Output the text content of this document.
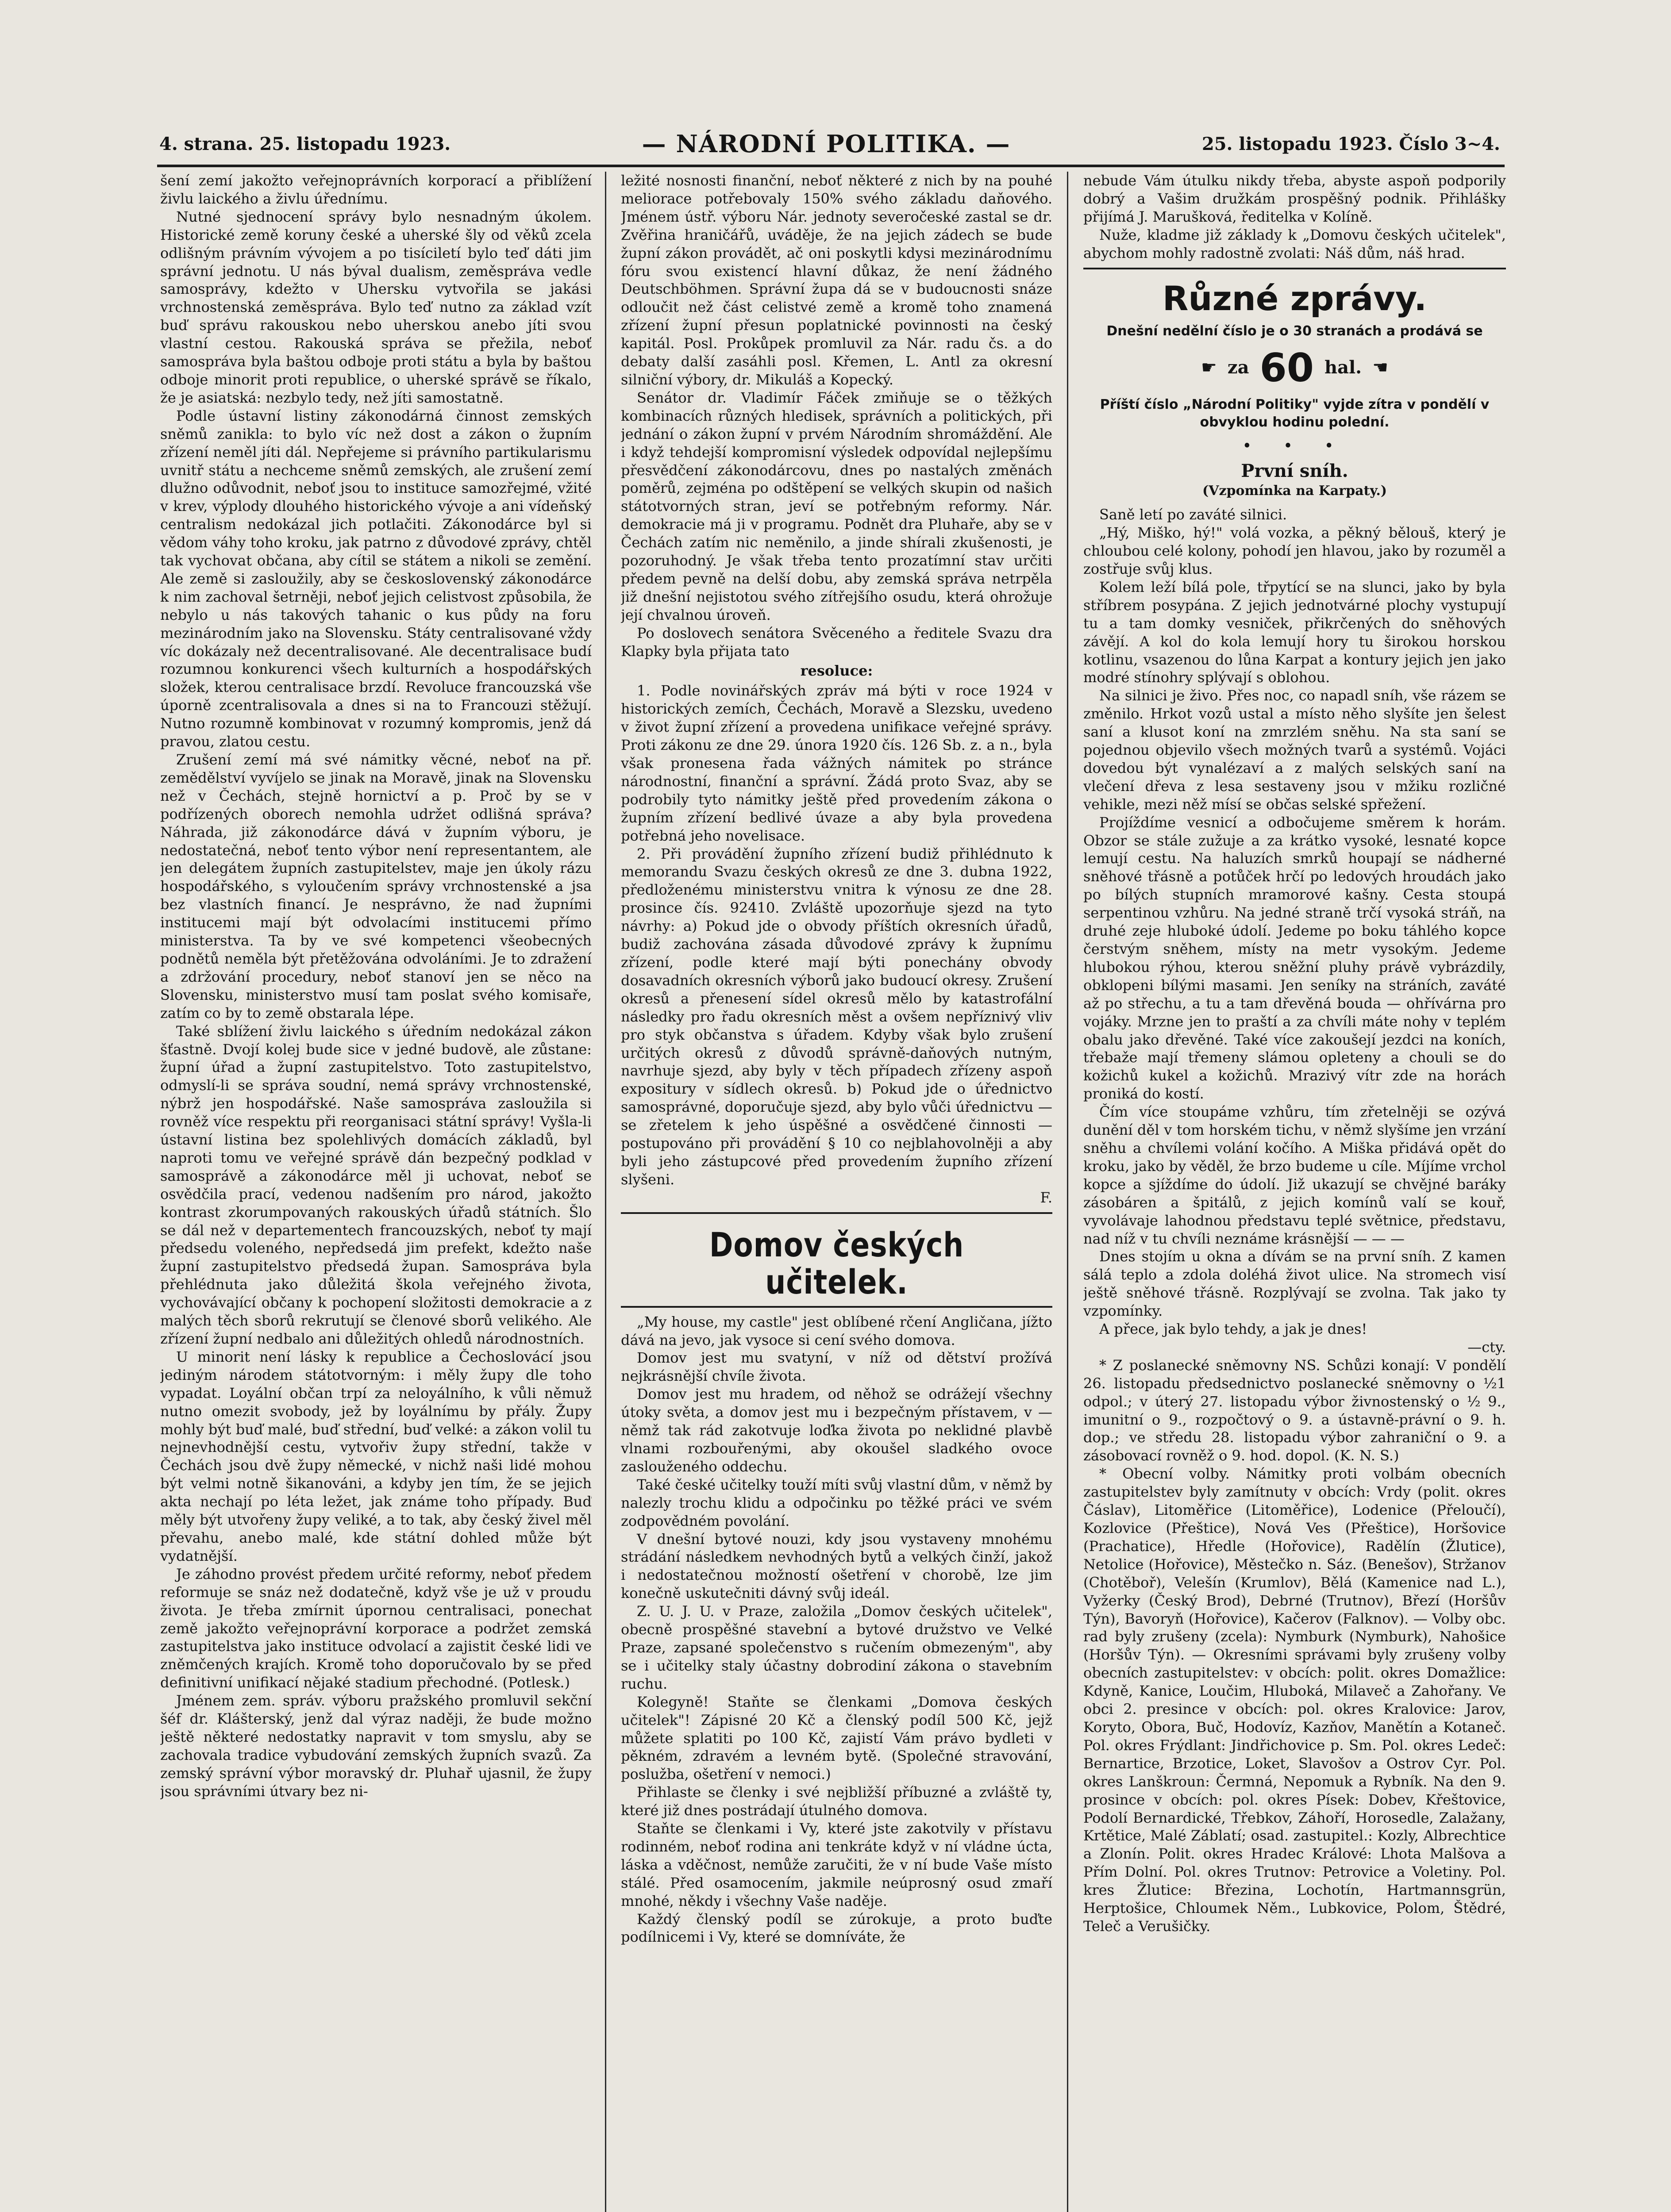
4. strana. 25. listopadu 1923.	— NÁRODNÍ POLITIKA. —	25. listopadu 1923. Číslo 3~4.

šení zemí jakožto veřejnoprávních korporací a přiblížení živlu laického a živlu úřednímu.

Nutné sjednocení správy bylo nesnadným úkolem. Historické země koruny české a uherské šly od věků zcela odlišným právním vývojem a po tisíciletí bylo teď dáti jim správní jednotu. U nás býval dualism, zeměspráva vedle samosprávy, kdežto v Uhersku vytvořila se jakási vrchnostenská zeměspráva. Bylo teď nutno za základ vzít buď správu rakouskou nebo uherskou anebo jíti svou vlastní cestou. Rakouská správa se přežila, neboť samospráva byla baštou odboje proti státu a byla by baštou odboje minorit proti republice, o uherské správě se říkalo, že je asiatská: nezbylo tedy, než jíti samostatně.

Podle ústavní listiny zákonodárná činnost zemských sněmů zanikla: to bylo víc než dost a zákon o župním zřízení neměl jíti dál. Nepřejeme si právního partikularismu uvnitř státu a nechceme sněmů zemských, ale zrušení zemí dlužno odůvodnit, neboť jsou to instituce samozřejmé, vžité v krev, výplody dlouhého historického vývoje a ani vídeňský centralism nedokázal jich potlačiti. Zákonodárce byl si vědom váhy toho kroku, jak patrno z důvodové zprávy, chtěl tak vychovat občana, aby cítil se státem a nikoli se zemění. Ale země si zasloužily, aby se československý zákonodárce k nim zachoval šetrněji, neboť jejich celistvost způsobila, že nebylo u nás takových tahanic o kus půdy na foru mezinárodním jako na Slovensku. Státy centralisované vždy víc dokázaly než decentralisované. Ale decentralisace budí rozumnou konkurenci všech kulturních a hospodářských složek, kterou centralisace brzdí. Revoluce francouzská vše úporně zcentralisovala a dnes si na to Francouzi stěžují. Nutno rozumně kombinovat v rozumný kompromis, jenž dá pravou, zlatou cestu.

Zrušení zemí má své námitky věcné, neboť na př. zemědělství vyvíjelo se jinak na Moravě, jinak na Slovensku než v Čechách, stejně hornictví a p. Proč by se v podřízených oborech nemohla udržet odlišná správa? Náhrada, již zákonodárce dává v župním výboru, je nedostatečná, neboť tento výbor není representantem, ale jen delegátem župních zastupitelstev, maje jen úkoly rázu hospodářského, s vyloučením správy vrchnostenské a jsa bez vlastních financí. Je nesprávno, že nad župními institucemi mají být odvolacími institucemi přímo ministerstva. Ta by ve své kompetenci všeobecných podnětů neměla být přetěžována odvoláními. Je to zdražení a zdržování procedury, neboť stanoví jen se něco na Slovensku, ministerstvo musí tam poslat svého komisaře, zatím co by to země obstarala lépe.

Také sblížení živlu laického s úředním nedokázal zákon šťastně. Dvojí kolej bude sice v jedné budově, ale zůstane: župní úřad a župní zastupitelstvo. Toto zastupitelstvo, odmyslí-li se správa soudní, nemá správy vrchnostenské, nýbrž jen hospodářské. Naše samospráva zasloužila si rovněž více respektu při reorganisaci státní správy! Vyšla-li ústavní listina bez spolehlivých domácích základů, byl naproti tomu ve veřejné správě dán bezpečný podklad v samosprávě a zákonodárce měl ji uchovat, neboť se osvědčila prací, vedenou nadšením pro národ, jakožto kontrast zkorumpovaných rakouských úřadů státních. Šlo se dál než v departementech francouzských, neboť ty mají předsedu voleného, nepředsedá jim prefekt, kdežto naše župní zastupitelstvo předsedá župan. Samospráva byla přehlédnuta jako důležitá škola veřejného života, vychovávající občany k pochopení složitosti demokracie a z malých těch sborů rekrutují se členové sborů velikého. Ale zřízení župní nedbalo ani důležitých ohledů národnostních.

U minorit není lásky k republice a Čechoslovácí jsou jediným národem státotvorným: i měly župy dle toho vypadat. Loyální občan trpí za neloyálního, k vůli němuž nutno omezit svobody, jež by loyálnímu by přály. Župy mohly být buď malé, buď střední, buď velké: a zákon volil tu nejnevhodnější cestu, vytvořiv župy střední, takže v Čechách jsou dvě župy německé, v nichž naši lidé mohou být velmi notně šikanováni, a kdyby jen tím, že se jejich akta nechají po léta ležet, jak známe toho případy. Buď měly být utvořeny župy veliké, a to tak, aby český živel měl převahu, anebo malé, kde státní dohled může být vydatnější.

Je záhodno provést předem určité reformy, neboť předem reformuje se snáz než dodatečně, když vše je už v proudu života. Je třeba zmírnit úpornou centralisaci, ponechat země jakožto veřejnoprávní korporace a podržet zemská zastupitelstva jako instituce odvolací a zajistit české lidi ve zněmčených krajích. Kromě toho doporučovalo by se před definitivní unifikací nějaké stadium přechodné. (Potlesk.)

Jménem zem. správ. výboru pražského promluvil sekční šéf dr. Klášterský, jenž dal výraz naději, že bude možno ještě některé nedostatky napravit v tom smyslu, aby se zachovala tradice vybudování zemských župních svazů. Za zemský správní výbor moravský dr. Pluhař ujasnil, že župy jsou správními útvary bez ni-

ležité nosnosti finanční, neboť některé z nich by na pouhé meliorace potřebovaly 150% svého základu daňového. Jménem ústř. výboru Nár. jednoty severočeské zastal se dr. Zvěřina hraničářů, uváděje, že na jejich zádech se bude župní zákon provádět, ač oni poskytli kdysi mezinárodnímu fóru svou existencí hlavní důkaz, že není žádného Deutschböhmen. Správní župa dá se v budoucnosti snáze odloučit než část celistvé země a kromě toho znamená zřízení župní přesun poplatnické povinnosti na český kapitál. Posl. Prokůpek promluvil za Nár. radu čs. a do debaty další zasáhli posl. Křemen, L. Antl za okresní silniční výbory, dr. Mikuláš a Kopecký.

Senátor dr. Vladimír Fáček zmiňuje se o těžkých kombinacích různých hledisek, správních a politických, při jednání o zákon župní v prvém Národním shromáždění. Ale i když tehdejší kompromisní výsledek odpovídal nejlepšímu přesvědčení zákonodárcovu, dnes po nastalých změnách poměrů, zejména po odštěpení se velkých skupin od našich státotvorných stran, jeví se potřebným reformy. Nár. demokracie má ji v programu. Podnět dra Pluhaře, aby se v Čechách zatím nic neměnilo, a jinde shírali zkušenosti, je pozoruhodný. Je však třeba tento prozatímní stav určiti předem pevně na delší dobu, aby zemská správa netrpěla již dnešní nejistotou svého zítřejšího osudu, která ohrožuje její chvalnou úroveň.

Po doslovech senátora Svěceného a ředitele Svazu dra Klapky byla přijata tato

resoluce:

1. Podle novinářských zpráv má býti v roce 1924 v historických zemích, Čechách, Moravě a Slezsku, uvedeno v život župní zřízení a provedena unifikace veřejné správy. Proti zákonu ze dne 29. února 1920 čís. 126 Sb. z. a n., byla však pronesena řada vážných námitek po stránce národnostní, finanční a správní. Žádá proto Svaz, aby se podrobily tyto námitky ještě před provedením zákona o župním zřízení bedlivé úvaze a aby byla provedena potřebná jeho novelisace.

2. Při provádění župního zřízení budiž přihlédnuto k memorandu Svazu českých okresů ze dne 3. dubna 1922, předloženému ministerstvu vnitra k výnosu ze dne 28. prosince čís. 92410. Zvláště upozorňuje sjezd na tyto návrhy: a) Pokud jde o obvody příštích okresních úřadů, budiž zachována zásada důvodové zprávy k župnímu zřízení, podle které mají býti ponechány obvody dosavadních okresních výborů jako budoucí okresy. Zrušení okresů a přenesení sídel okresů mělo by katastrofální následky pro řadu okresních měst a ovšem nepříznivý vliv pro styk občanstva s úřadem. Kdyby však bylo zrušení určitých okresů z důvodů správně-daňových nutným, navrhuje sjezd, aby byly v těch případech zřízeny aspoň expositury v sídlech okresů. b) Pokud jde o úřednictvo samosprávné, doporučuje sjezd, aby bylo vůči úřednictvu — se zřetelem k jeho úspěšné a osvědčené činnosti — postupováno při provádění § 10 co nejblahovolněji a aby byli jeho zástupcové před provedením župního zřízení slyšeni.

F.

Domov českých učitelek.

„My house, my castle" jest oblíbené rčení Angličana, jížto dává na jevo, jak vysoce si cení svého domova.

Domov jest mu svatyní, v níž od dětství prožívá nejkrásnější chvíle života.

Domov jest mu hradem, od něhož se odrážejí všechny útoky světa, a domov jest mu i bezpečným přístavem, v — němž tak rád zakotvuje loďka života po neklidné plavbě vlnami rozbouřenými, aby okoušel sladkého ovoce zaslouženého oddechu.

Také české učitelky touží míti svůj vlastní dům, v němž by nalezly trochu klidu a odpočinku po těžké práci ve svém zodpovědném povolání.

V dnešní bytové nouzi, kdy jsou vystaveny mnohému strádání následkem nevhodných bytů a velkých činží, jakož i nedostatečnou možností ošetření v chorobě, lze jim konečně uskutečniti dávný svůj ideál.

Z. U. J. U. v Praze, založila „Domov českých učitelek", obecně prospěšné stavební a bytové družstvo ve Velké Praze, zapsané společenstvo s ručením obmezeným", aby se i učitelky staly účastny dobrodiní zákona o stavebním ruchu.

Kolegyně! Staňte se členkami „Domova českých učitelek"! Zápisné 20 Kč a členský podíl 500 Kč, jejž můžete splatiti po 100 Kč, zajistí Vám právo bydleti v pěkném, zdravém a levném bytě. (Společné stravování, poslužba, ošetření v nemoci.)

Přihlaste se členky i své nejbližší příbuzné a zvláště ty, které již dnes postrádají útulného domova.

Staňte se členkami i Vy, které jste zakotvily v přístavu rodinném, neboť rodina ani tenkráte když v ní vládne úcta, láska a vděčnost, nemůže zaručiti, že v ní bude Vaše místo stálé. Před osamocením, jakmile neúprosný osud zmaří mnohé, někdy i všechny Vaše naděje.

Každý členský podíl se zúrokuje, a proto buďte podílnicemi i Vy, které se domníváte, že

nebude Vám útulku nikdy třeba, abyste aspoň podporily dobrý a Vašim družkám prospěšný podnik. Přihlášky přijímá J. Marušková, ředitelka v Kolíně.

Nuže, kladme již základy k „Domovu českých učitelek", abychom mohly radostně zvolati: Náš dům, náš hrad.

Různé zprávy.
Dnešní nedělní číslo je o 30 stranách a prodává se
☛ za 60 hal. ☚
Příští číslo „Národní Politiky" vyjde zítra v pondělí v obvyklou hodinu polední.
• • •
První sníh.
(Vzpomínka na Karpaty.)

Saně letí po zaváté silnici.

„Hý, Miško, hý!" volá vozka, a pěkný bělouš, který je chloubou celé kolony, pohodí jen hlavou, jako by rozuměl a zostřuje svůj klus.

Kolem leží bílá pole, třpytící se na slunci, jako by byla stříbrem posypána. Z jejich jednotvárné plochy vystupují tu a tam domky vesniček, přikrčených do sněhových závějí. A kol do kola lemují hory tu širokou horskou kotlinu, vsazenou do lůna Karpat a kontury jejich jen jako modré stínohry splývají s oblohou.

Na silnici je živo. Přes noc, co napadl sníh, vše rázem se změnilo. Hrkot vozů ustal a místo něho slyšíte jen šelest saní a klusot koní na zmrzlém sněhu. Na sta saní se pojednou objevilo všech možných tvarů a systémů. Vojáci dovedou být vynalézaví a z malých selských saní na vlečení dřeva z lesa sestaveny jsou v mžiku rozličné vehikle, mezi něž mísí se občas selské spřežení.

Projíždíme vesnicí a odbočujeme směrem k horám. Obzor se stále zužuje a za krátko vysoké, lesnaté kopce lemují cestu. Na haluzích smrků houpají se nádherné sněhové třásně a potůček hrčí po ledových hroudách jako po bílých stupních mramorové kašny. Cesta stoupá serpentinou vzhůru. Na jedné straně trčí vysoká stráň, na druhé zeje hluboké údolí. Jedeme po boku táhlého kopce čerstvým sněhem, místy na metr vysokým. Jedeme hlubokou rýhou, kterou sněžní pluhy právě vybrázdily, obklopeni bílými masami. Jen seníky na stráních, zaváté až po střechu, a tu a tam dřevěná bouda — ohřívárna pro vojáky. Mrzne jen to praští a za chvíli máte nohy v teplém obalu jako dřevěné. Také více zakoušejí jezdci na koních, třebaže mají třemeny slámou opleteny a chouli se do kožichů kukel a kožichů. Mrazivý vítr zde na horách proniká do kostí.

Čím více stoupáme vzhůru, tím zřetelněji se ozývá dunění děl v tom horském tichu, v němž slyšíme jen vrzání sněhu a chvílemi volání kočího. A Miška přidává opět do kroku, jako by věděl, že brzo budeme u cíle. Míjíme vrchol kopce a sjíždíme do údolí. Již ukazují se chvějné baráky zásobáren a špitálů, z jejich komínů valí se kouř, vyvolávaje lahodnou představu teplé světnice, představu, nad níž v tu chvíli neznáme krásnější — — —

Dnes stojím u okna a dívám se na první sníh. Z kamen sálá teplo a zdola doléhá život ulice. Na stromech visí ještě sněhové třásně. Rozplývají se zvolna. Tak jako ty vzpomínky.

A přece, jak bylo tehdy, a jak je dnes!

—cty.

* Z poslanecké sněmovny NS. Schůzi konají: V pondělí 26. listopadu předsednictvo poslanecké sněmovny o ½1 odpol.; v úterý 27. listopadu výbor živnostenský o ½ 9., imunitní o 9., rozpočtový o 9. a ústavně-právní o 9. h. dop.; ve středu 28. listopadu výbor zahraniční o 9. a zásobovací rovněž o 9. hod. dopol. (K. N. S.)

* Obecní volby. Námitky proti volbám obecních zastupitelstev byly zamítnuty v obcích: Vrdy (polit. okres Čáslav), Litoměřice (Litoměřice), Lodenice (Přeloučí), Kozlovice (Přeštice), Nová Ves (Přeštice), Horšovice (Prachatice), Hředle (Hořovice), Radělín (Žlutice), Netolice (Hořovice), Městečko n. Sáz. (Benešov), Stržanov (Chotěboř), Velešín (Krumlov), Bělá (Kamenice nad L.), Vyžerky (Český Brod), Debrné (Trutnov), Březí (Horšův Týn), Bavoryň (Hořovice), Kačerov (Falknov). — Volby obc. rad byly zrušeny (zcela): Nymburk (Nymburk), Nahošice (Horšův Týn). — Okresními správami byly zrušeny volby obecních zastupitelstev: v obcích: polit. okres Domažlice: Kdyně, Kanice, Loučim, Hluboká, Milaveč a Zahořany. Ve obci 2. presince v obcích: pol. okres Kralovice: Jarov, Koryto, Obora, Buč, Hodovíz, Kazňov, Manětín a Kotaneč. Pol. okres Frýdlant: Jindřichovice p. Sm. Pol. okres Ledeč: Bernartice, Brzotice, Loket, Slavošov a Ostrov Cyr. Pol. okres Lanškroun: Čermná, Nepomuk a Rybník. Na den 9. prosince v obcích: pol. okres Písek: Dobev, Křeštovice, Podolí Bernardické, Třebkov, Záhoří, Horosedle, Zalažany, Krtětice, Malé Záblatí; osad. zastupitel.: Kozly, Albrechtice a Zlonín. Polit. okres Hradec Králové: Lhota Malšova a Přím Dolní. Pol. okres Trutnov: Petrovice a Voletiny. Pol. kres Žlutice: Březina, Lochotín, Hartmannsgrün, Herptošice, Chloumek Něm., Lubkovice, Polom, Štědré, Teleč a Verušičky.
